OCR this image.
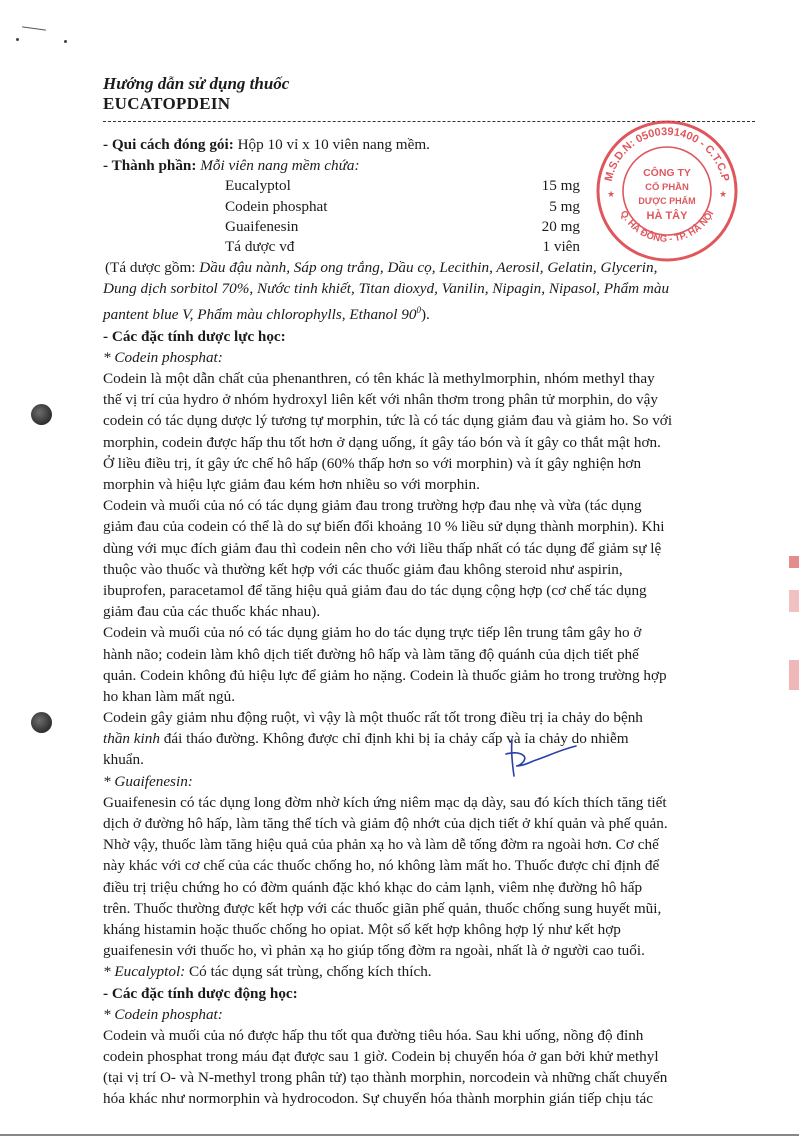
Hướng dẫn sử dụng thuốc
EUCATOPDEIN
- Qui cách đóng gói: Hộp 10 vỉ x 10 viên nang mềm.
- Thành phần: Mỗi viên nang mềm chứa:
Eucalyptol	15 mg
Codein phosphat	5 mg
Guaifenesin	20 mg
Tá dược vđ	1 viên
(Tá dược gồm: Dầu đậu nành, Sáp ong trắng, Dầu cọ, Lecithin, Aerosil, Gelatin, Glycerin,
Dung dịch sorbitol 70%, Nước tinh khiết, Titan dioxyd, Vanilin, Nipagin, Nipasol, Phẩm màu
pantent blue V, Phẩm màu chlorophylls, Ethanol $90^0$).
- Các đặc tính dược lực học:
* Codein phosphat:
Codein là một dẫn chất của phenanthren, có tên khác là methylmorphin, nhóm methyl thay
thế vị trí của hydro ở nhóm hydroxyl liên kết với nhân thơm trong phân tử morphin, do vậy
codein có tác dụng dược lý tương tự morphin, tức là có tác dụng giảm đau và giảm ho. So với
morphin, codein được hấp thu tốt hơn ở dạng uống, ít gây táo bón và ít gây co thắt mật hơn.
Ở liều điều trị, ít gây ức chế hô hấp (60% thấp hơn so với morphin) và ít gây nghiện hơn
morphin và hiệu lực giảm đau kém hơn nhiều so với morphin.
Codein và muối của nó có tác dụng giảm đau trong trường hợp đau nhẹ và vừa (tác dụng
giảm đau của codein có thể là do sự biến đổi khoảng 10 % liều sử dụng thành morphin). Khi
dùng với mục đích giảm đau thì codein nên cho với liều thấp nhất có tác dụng để giảm sự lệ
thuộc vào thuốc và thường kết hợp với các thuốc giảm đau không steroid như aspirin,
ibuprofen, paracetamol để tăng hiệu quả giảm đau do tác dụng cộng hợp (cơ chế tác dụng
giảm đau của các thuốc khác nhau).
Codein và muối của nó có tác dụng giảm ho do tác dụng trực tiếp lên trung tâm gây ho ở
hành não; codein làm khô dịch tiết đường hô hấp và làm tăng độ quánh của dịch tiết phế
quản. Codein không đủ hiệu lực để giảm ho nặng. Codein là thuốc giảm ho trong trường hợp
ho khan làm mất ngủ.
Codein gây giảm nhu động ruột, vì vậy là một thuốc rất tốt trong điều trị ỉa chảy do bệnh
thần kinh đái tháo đường. Không được chỉ định khi bị ỉa chảy cấp và ỉa chảy do nhiễm
khuẩn.
* Guaifenesin:
Guaifenesin có tác dụng long đờm nhờ kích ứng niêm mạc dạ dày, sau đó kích thích tăng tiết
dịch ở đường hô hấp, làm tăng thể tích và giảm độ nhớt của dịch tiết ở khí quản và phế quản.
Nhờ vậy, thuốc làm tăng hiệu quả của phản xạ ho và làm dễ tống đờm ra ngoài hơn. Cơ chế
này khác với cơ chế của các thuốc chống ho, nó không làm mất ho. Thuốc được chỉ định để
điều trị triệu chứng ho có đờm quánh đặc khó khạc do cảm lạnh, viêm nhẹ đường hô hấp
trên. Thuốc thường được kết hợp với các thuốc giãn phế quản, thuốc chống sung huyết mũi,
kháng histamin hoặc thuốc chống ho opiat. Một số kết hợp không hợp lý như kết hợp
guaifenesin với thuốc ho, vì phản xạ ho giúp tống đờm ra ngoài, nhất là ở người cao tuổi.
* Eucalyptol: Có tác dụng sát trùng, chống kích thích.
- Các đặc tính dược động học:
* Codein phosphat:
Codein và muối của nó được hấp thu tốt qua đường tiêu hóa. Sau khi uống, nồng độ đỉnh
codein phosphat trong máu đạt được sau 1 giờ. Codein bị chuyển hóa ở gan bởi khử methyl
(tại vị trí O- và N-methyl trong phân tử) tạo thành morphin, norcodein và những chất chuyển
hóa khác như normorphin và hydrocodon. Sự chuyển hóa thành morphin gián tiếp chịu tác
M.S.D.N: 0500391400 - C.T.C.P
Q. HÀ ĐÔNG - TP. HÀ NỘI
CÔNG TY
CỔ PHẦN
DƯỢC PHẨM
HÀ TÂY
★	★
